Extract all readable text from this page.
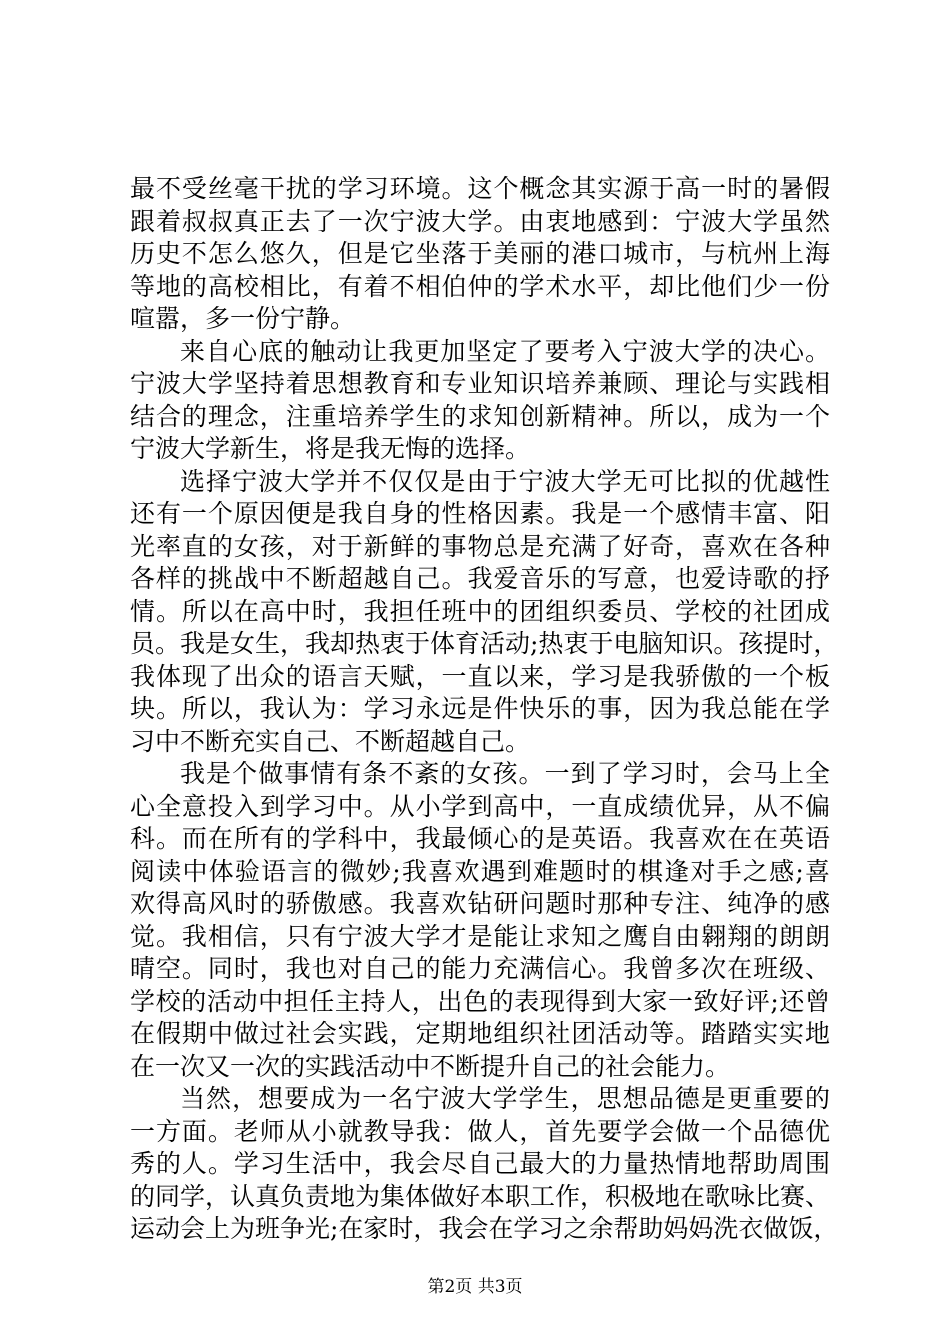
最不受丝毫干扰的学习环境。这个概念其实源于高一时的暑假
跟着叔叔真正去了一次宁波大学。由衷地感到：宁波大学虽然
历史不怎么悠久，但是它坐落于美丽的港口城市，与杭州上海
等地的高校相比，有着不相伯仲的学术水平，却比他们少一份
喧嚣，多一份宁静。
来自心底的触动让我更加坚定了要考入宁波大学的决心。
宁波大学坚持着思想教育和专业知识培养兼顾、理论与实践相
结合的理念，注重培养学生的求知创新精神。所以，成为一个
宁波大学新生，将是我无悔的选择。
选择宁波大学并不仅仅是由于宁波大学无可比拟的优越性
还有一个原因便是我自身的性格因素。我是一个感情丰富、阳
光率直的女孩，对于新鲜的事物总是充满了好奇，喜欢在各种
各样的挑战中不断超越自己。我爱音乐的写意，也爱诗歌的抒
情。所以在高中时，我担任班中的团组织委员、学校的社团成
员。我是女生，我却热衷于体育活动;热衷于电脑知识。孩提时，
我体现了出众的语言天赋，一直以来，学习是我骄傲的一个板
块。所以，我认为：学习永远是件快乐的事，因为我总能在学
习中不断充实自己、不断超越自己。
我是个做事情有条不紊的女孩。一到了学习时，会马上全
心全意投入到学习中。从小学到高中，一直成绩优异，从不偏
科。而在所有的学科中，我最倾心的是英语。我喜欢在在英语
阅读中体验语言的微妙;我喜欢遇到难题时的棋逢对手之感;喜
欢得高风时的骄傲感。我喜欢钻研问题时那种专注、纯净的感
觉。我相信，只有宁波大学才是能让求知之鹰自由翱翔的朗朗
晴空。同时，我也对自己的能力充满信心。我曾多次在班级、
学校的活动中担任主持人，出色的表现得到大家一致好评;还曾
在假期中做过社会实践，定期地组织社团活动等。踏踏实实地
在一次又一次的实践活动中不断提升自己的社会能力。
当然，想要成为一名宁波大学学生，思想品德是更重要的
一方面。老师从小就教导我：做人，首先要学会做一个品德优
秀的人。学习生活中，我会尽自己最大的力量热情地帮助周围
的同学，认真负责地为集体做好本职工作，积极地在歌咏比赛、
运动会上为班争光;在家时，我会在学习之余帮助妈妈洗衣做饭，
第2页 共3页
